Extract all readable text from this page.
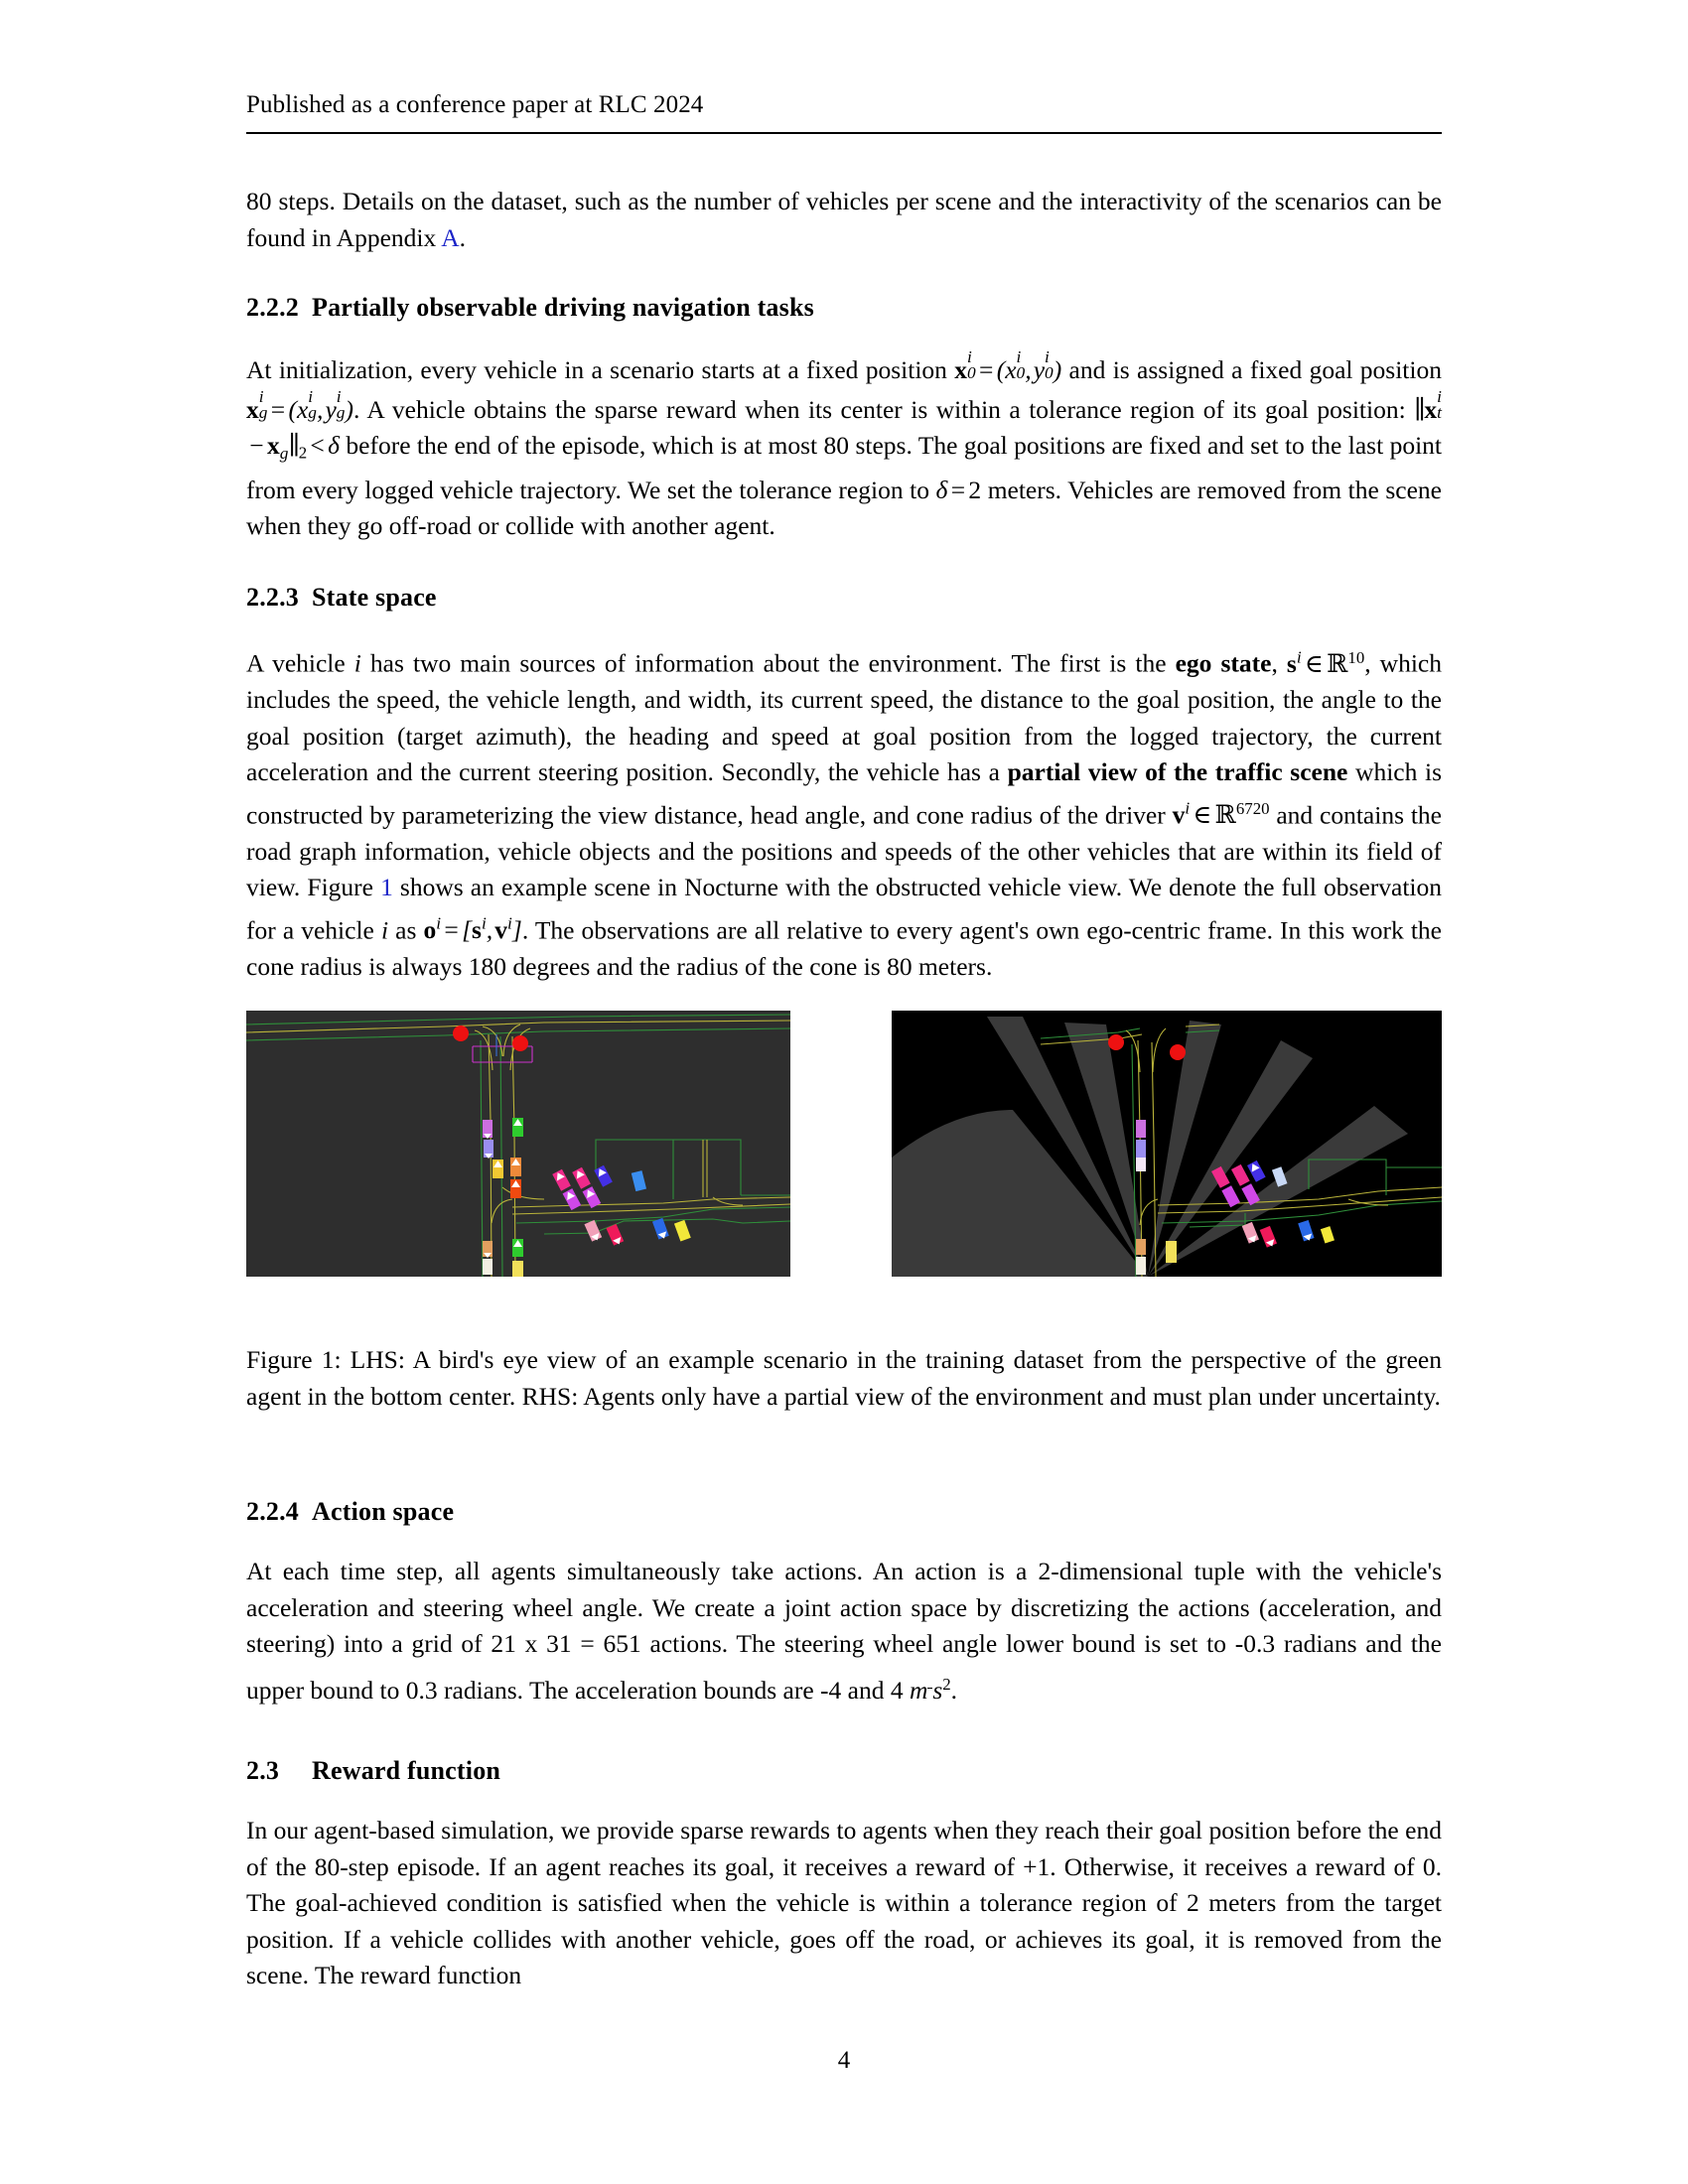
Published as a conference paper at RLC 2024

80 steps. Details on the dataset, such as the number of vehicles per scene and the interactivity of the scenarios can be found in Appendix A.

2.2.2 Partially observable driving navigation tasks

At initialization, every vehicle in a scenario starts at a fixed position x i
0 = (x i
0 , y i
0 ) and is assigned a fixed goal position x i
g = (x i
g , y i
g ). A vehicle obtains the sparse reward when its center is within a tolerance region of its goal position: ∥x i
t
− $x_g\parallel 2 < \delta$ before the end of the episode, which is at most 80 steps. The goal positions are fixed and set to the last point from every logged vehicle trajectory. We set the tolerance region to δ = 2 meters. Vehicles are removed from the scene when they go off-road or collide with another agent.

2.2.3 State space

A vehicle i has two main sources of information about the environment. The first is the ego state, $s^i$ ∈ ℝ$^{10}$, which includes the speed, the vehicle length, and width, its current speed, the distance to the goal position, the angle to the goal position (target azimuth), the heading and speed at goal position from the logged trajectory, the current acceleration and the current steering position. Secondly, the vehicle has a partial view of the traffic scene which is constructed by parameterizing the view distance, head angle, and cone radius of the driver $v^i$ ∈ ℝ$^{6720}$ and contains the road graph information, vehicle objects and the positions and speeds of the other vehicles that are within its field of view. Figure 1 shows an example scene in Nocturne with the obstructed vehicle view. We denote the full observation for a vehicle i as $o^i = [s^i$, $v^i$]. The observations are all relative to every agent's own ego-centric frame. In this work the cone radius is always 180 degrees and the radius of the cone is 80 meters.

Figure 1: LHS: A bird's eye view of an example scenario in the training dataset from the perspective of the green agent in the bottom center. RHS: Agents only have a partial view of the environment and must plan under uncertainty.
2.2.4 Action space

At each time step, all agents simultaneously take actions. An action is a 2-dimensional tuple with the vehicle's acceleration and steering wheel angle. We create a joint action space by discretizing the actions (acceleration, and steering) into a grid of 21 x 31 = 651 actions. The steering wheel angle lower bound is set to -0.3 radians and the upper bound to 0.3 radians. The acceleration bounds are -4 and 4 m

  $s^2$.

2.3 Reward function

In our agent-based simulation, we provide sparse rewards to agents when they reach their goal position before the end of the 80-step episode. If an agent reaches its goal, it receives a reward of +1. Otherwise, it receives a reward of 0. The goal-achieved condition is satisfied when the vehicle is within a tolerance region of 2 meters from the target position. If a vehicle collides with another vehicle, goes off the road, or achieves its goal, it is removed from the scene. The reward function

4
